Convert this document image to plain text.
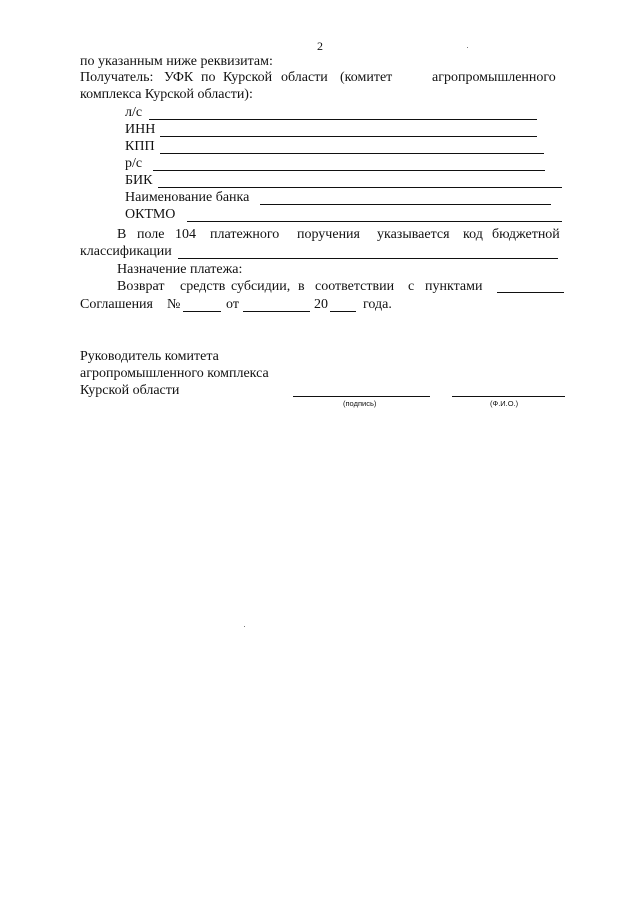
2
по указанным ниже реквизитам:
Получатель: УФК по Курской области (комитет	агропромышленного
комплекса Курской области):
л/с
ИНН
КПП
р/с
БИК
Наименование банка
ОКТМО
В поле 104 платежного поручения указывается код бюджетной
классификации
Назначение платежа:
Возврат средств субсидии, в соответствии с пунктами
Соглашения №	от	20	года.
Руководитель комитета
агропромышленного комплекса
Курской области
(подпись)	(Ф.И.О.)
